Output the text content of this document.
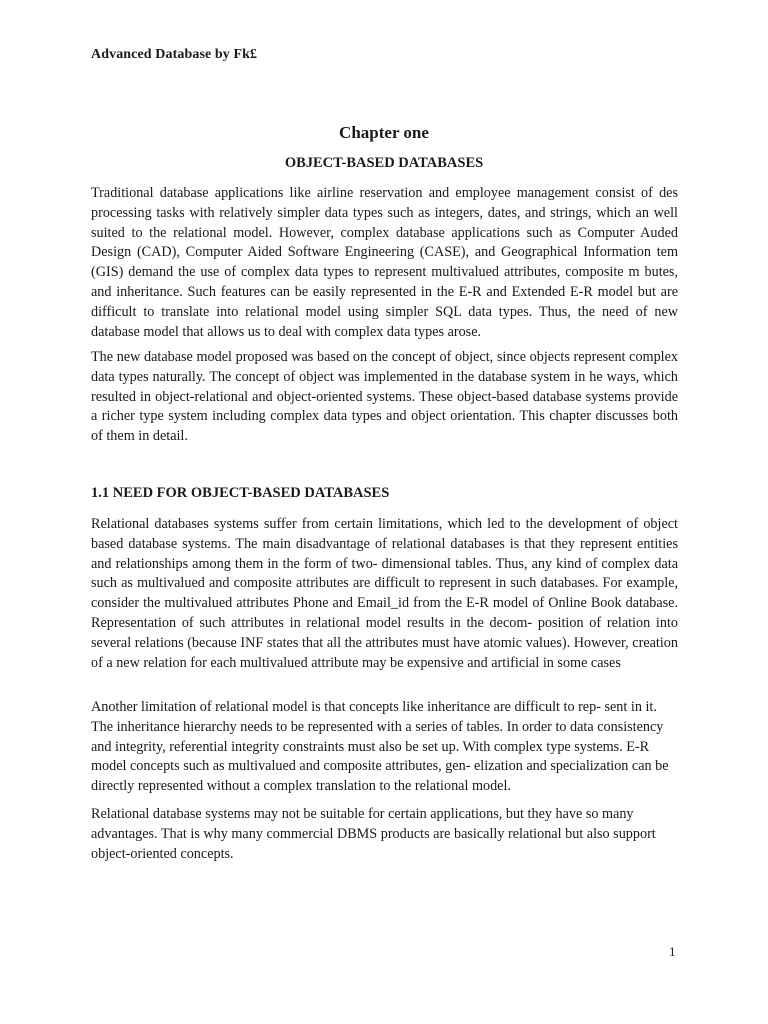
Advanced Database by Fk£
Chapter one
OBJECT-BASED DATABASES

Traditional database applications like airline reservation and employee management consist of des processing tasks with relatively simpler data types such as integers, dates, and strings, which an well suited to the relational model. However, complex database applications such as Computer Auded Design (CAD), Computer Aided Software Engineering (CASE), and Geographical Information tem (GIS) demand the use of complex data types to represent multivalued attributes, composite m butes, and inheritance. Such features can be easily represented in the E-R and Extended E-R model but are difficult to translate into relational model using simpler SQL data types. Thus, the need of new database model that allows us to deal with complex data types arose.

The new database model proposed was based on the concept of object, since objects represent complex data types naturally. The concept of object was implemented in the database system in he ways, which resulted in object-relational and object-oriented systems. These object-based database systems provide a richer type system including complex data types and object orientation. This chapter discusses both of them in detail.

1.1 NEED FOR OBJECT-BASED DATABASES

Relational databases systems suffer from certain limitations, which led to the development of object based database systems. The main disadvantage of relational databases is that they represent entities and relationships among them in the form of two- dimensional tables. Thus, any kind of complex data such as multivalued and composite attributes are difficult to represent in such databases. For example, consider the multivalued attributes Phone and Email_id from the E-R model of Online Book database. Representation of such attributes in relational model results in the decom- position of relation into several relations (because INF states that all the attributes must have atomic values). However, creation of a new relation for each multivalued attribute may be expensive and artificial in some cases

Another limitation of relational model is that concepts like inheritance are difficult to rep- sent in it. The inheritance hierarchy needs to be represented with a series of tables. In order to data consistency and integrity, referential integrity constraints must also be set up. With complex type systems. E-R model concepts such as multivalued and composite attributes, gen- elization and specialization can be directly represented without a complex translation to the relational model.

Relational database systems may not be suitable for certain applications, but they have so many advantages. That is why many commercial DBMS products are basically relational but also support object-oriented concepts.

1
